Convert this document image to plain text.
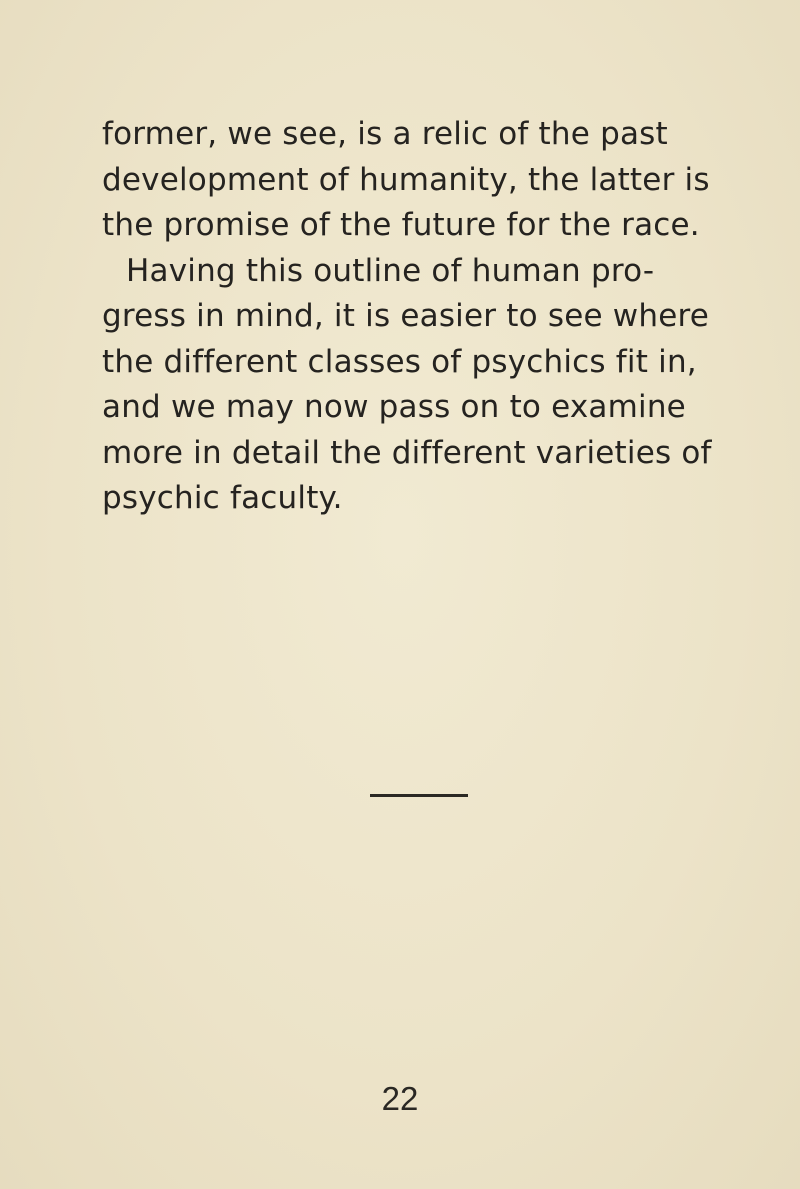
former, we see, is a relic of the past
development of humanity, the latter is
the promise of the future for the race.
Having this outline of human pro-
gress in mind, it is easier to see where
the different classes of psychics fit in,
and we may now pass on to examine
more in detail the different varieties of
psychic faculty.
22
